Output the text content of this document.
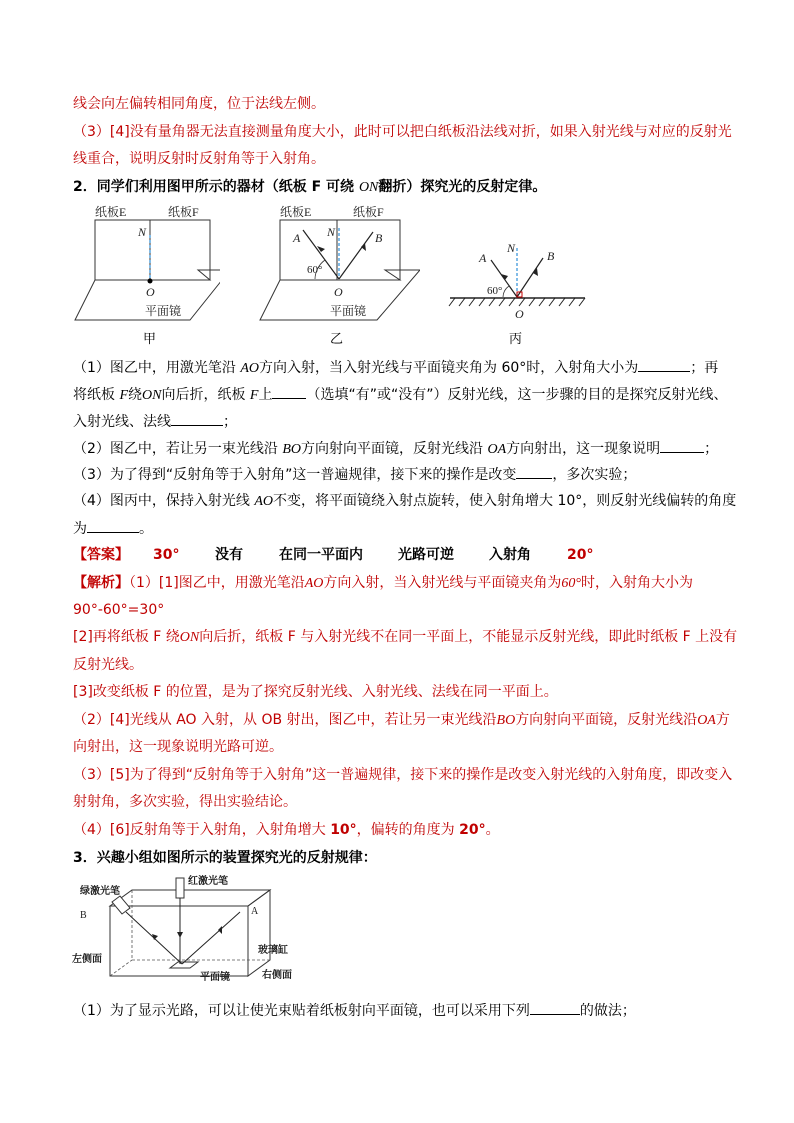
线会向左偏转相同角度，位于法线左侧。
（3）[4]没有量角器无法直接测量角度大小，此时可以把白纸板沿法线对折，如果入射光线与对应的反射光
线重合，说明反射时反射角等于入射角。
2．同学们利用图甲所示的器材（纸板 F 可绕 ON翻折）探究光的反射定律。
纸板E	纸板F
N
O
平面镜
甲
纸板E	纸板F
A	B
N
60°
O
平面镜
乙
A	B
N
60°
O
丙
（1）图乙中，用激光笔沿 AO方向入射，当入射光线与平面镜夹角为 60°时，入射角大小为	；再
将纸板 F绕ON向后折，纸板 F上 （选填“有”或“没有”）反射光线，这一步骤的目的是探究反射光线、
入射光线、法线	；
（2）图乙中，若让另一束光线沿 BO方向射向平面镜，反射光线沿 OA方向射出，这一现象说明	；
（3）为了得到“反射角等于入射角”这一普遍规律，接下来的操作是改变	，多次实验；
（4）图丙中，保持入射光线 AO不变，将平面镜绕入射点旋转，使入射角增大 10°，则反射光线偏转的角度
为	。
【答案】 30°	没有	在同一平面内	光路可逆	入射角	20°
【解析】（1）[1]图乙中，用激光笔沿AO方向入射，当入射光线与平面镜夹角为60°时，入射角大小为
90°-60°=30°
[2]再将纸板 F 绕ON向后折，纸板 F 与入射光线不在同一平面上，不能显示反射光线，即此时纸板 F 上没有
反射光线。
[3]改变纸板 F 的位置，是为了探究反射光线、入射光线、法线在同一平面上。
（2）[4]光线从 AO 入射，从 OB 射出，图乙中，若让另一束光线沿BO方向射向平面镜，反射光线沿OA方
向射出，这一现象说明光路可逆。
（3）[5]为了得到“反射角等于入射角”这一普遍规律，接下来的操作是改变入射光线的入射角度，即改变入
射射角，多次实验，得出实验结论。
（4）[6]反射角等于入射角，入射角增大 10°，偏转的角度为 20°。
3．兴趣小组如图所示的装置探究光的反射规律：
绿激光笔
红激光笔
B	A
左侧面
玻璃缸
右侧面
平面镜
（1）为了显示光路，可以让使光束贴着纸板射向平面镜，也可以采用下列	的做法；
